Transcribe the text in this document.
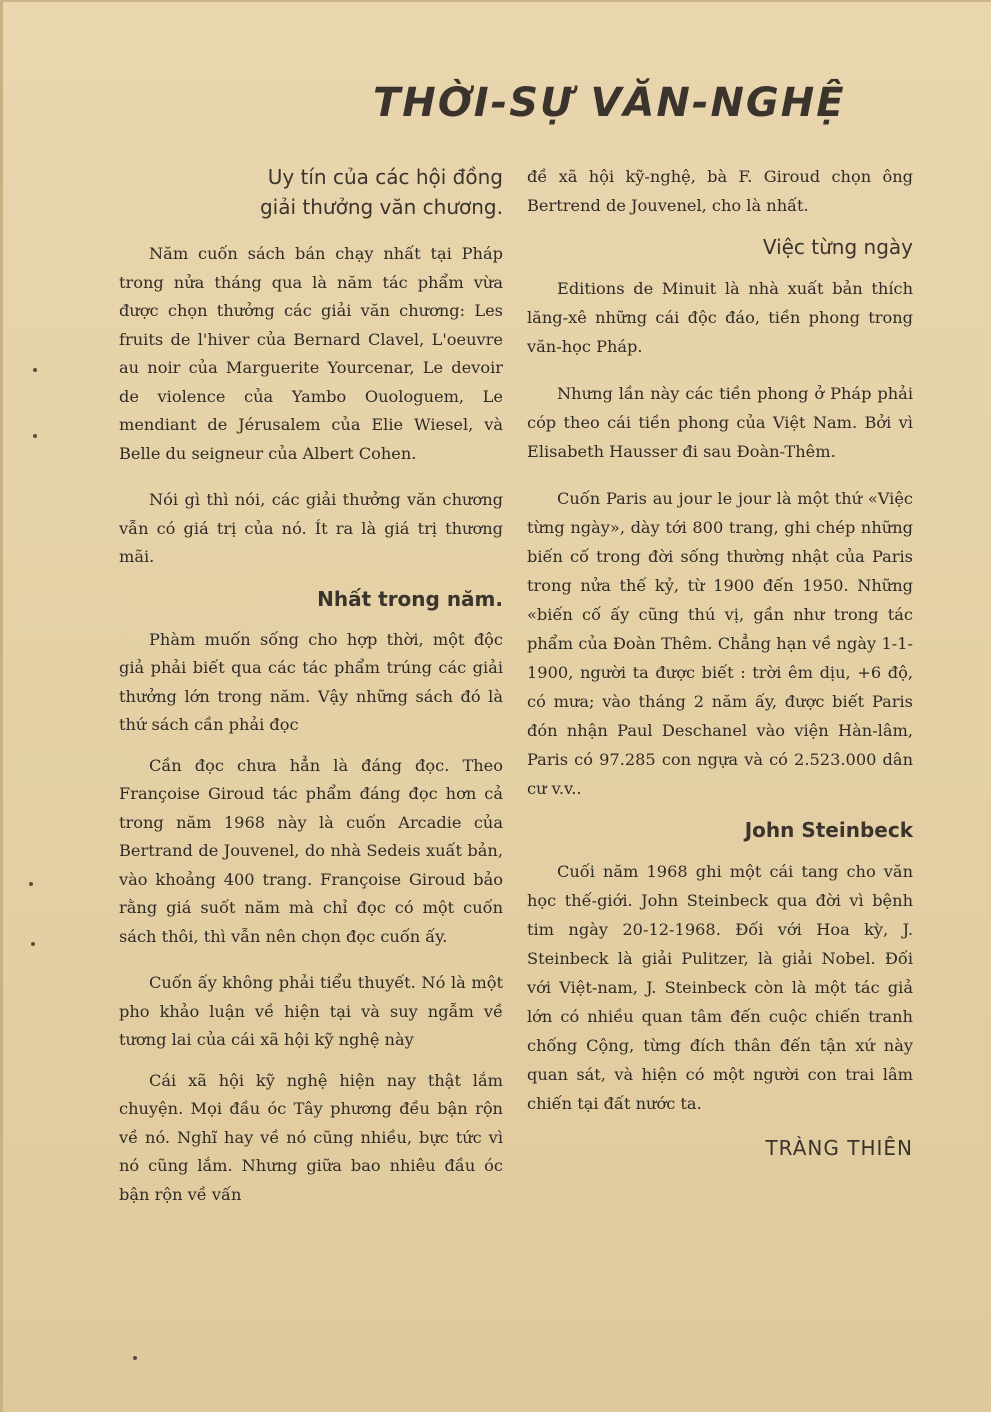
THỜI-SỰ VĂN-NGHỆ
Uy tín của các hội đồng
giải thưởng văn chương.

Năm cuốn sách bán chạy nhất tại Pháp trong nửa tháng qua là năm tác phẩm vừa được chọn thưởng các giải văn chương: Les fruits de l'hiver của Bernard Clavel, L'oeuvre au noir của Marguerite Yourcenar, Le devoir de violence của Yambo Ouologuem, Le mendiant de Jérusalem của Elie Wiesel, và Belle du seigneur của Albert Cohen.

Nói gì thì nói, các giải thưởng văn chương vẫn có giá trị của nó. Ít ra là giá trị thương mãi.

Nhất trong năm.

Phàm muốn sống cho hợp thời, một độc giả phải biết qua các tác phẩm trúng các giải thưởng lớn trong năm. Vậy những sách đó là thứ sách cần phải đọc

Cần đọc chưa hẳn là đáng đọc. Theo Françoise Giroud tác phẩm đáng đọc hơn cả trong năm 1968 này là cuốn Arcadie của Bertrand de Jouvenel, do nhà Sedeis xuất bản, vào khoảng 400 trang. Françoise Giroud bảo rằng giá suốt năm mà chỉ đọc có một cuốn sách thôi, thì vẫn nên chọn đọc cuốn ấy.

Cuốn ấy không phải tiểu thuyết. Nó là một pho khảo luận về hiện tại và suy ngẫm về tương lai của cái xã hội kỹ nghệ này

Cái xã hội kỹ nghệ hiện nay thật lắm chuyện. Mọi đầu óc Tây phương đều bận rộn về nó. Nghĩ hay về nó cũng nhiều, bực tức vì nó cũng lắm. Nhưng giữa bao nhiêu đầu óc bận rộn về vấn

đề xã hội kỹ-nghệ, bà F. Giroud chọn ông Bertrend de Jouvenel, cho là nhất.

Việc từng ngày

Editions de Minuit là nhà xuất bản thích lăng-xê những cái độc đáo, tiền phong trong văn-học Pháp.

Nhưng lần này các tiền phong ở Pháp phải cóp theo cái tiền phong của Việt Nam. Bởi vì Elisabeth Hausser đi sau Đoàn-Thêm.

Cuốn Paris au jour le jour là một thứ «Việc từng ngày», dày tới 800 trang, ghi chép những biến cố trong đời sống thường nhật của Paris trong nửa thế kỷ, từ 1900 đến 1950. Những «biến cố ấy cũng thú vị, gần như trong tác phẩm của Đoàn Thêm. Chẳng hạn về ngày 1-1-1900, người ta được biết : trời êm dịu, +6 độ, có mưa; vào tháng 2 năm ấy, được biết Paris đón nhận Paul Deschanel vào viện Hàn-lâm, Paris có 97.285 con ngựa và có 2.523.000 dân cư v.v..

John Steinbeck

Cuối năm 1968 ghi một cái tang cho văn học thế-giới. John Steinbeck qua đời vì bệnh tim ngày 20-12-1968. Đối với Hoa kỳ, J. Steinbeck là giải Pulitzer, là giải Nobel. Đối với Việt-nam, J. Steinbeck còn là một tác giả lớn có nhiều quan tâm đến cuộc chiến tranh chống Cộng, từng đích thân đến tận xứ này quan sát, và hiện có một người con trai lâm chiến tại đất nước ta.

TRÀNG THIÊN
